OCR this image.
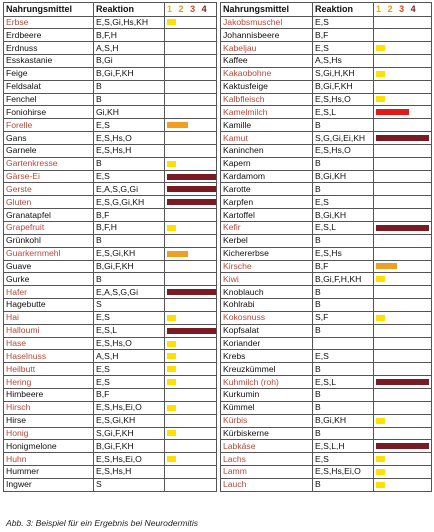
Nahrungsmittel	Reaktion	1 2 3 4		Nahrungsmittel	Reaktion	1 2 3 4
Erbse	E,S,Gi,Hs,KH			Jakobsmuschel	E,S	
Erdbeere	B,F,H			Johannisbeere	B,F	
Erdnuss	A,S,H			Kabeljau	E,S	

Esskastanie	B,Gi			Kaffee	A,S,Hs	
Feige	B,Gi,F,KH			Kakaobohne	S,Gi,H,KH	

Feldsalat	B			Kaktusfeige	B,Gi,F,KH	
Fenchel	B			Kalbfleisch	E,S,Hs,O	

Foniohirse	Gi,KH			Kamelmilch	E,S,L	

Forelle	E,S			Kamille	B	
Gans	E,S,Hs,O			Kamut	S,G,Gi,Ei,KH	

Garnele	E,S,Hs,H			Kaninchen	E,S,Hs,O	
Gartenkresse	B			Kapern	B	
Gärse-Ei	E,S			Kardamom	B,Gi,KH	
Gerste	E,A,S,G,Gi			Karotte	B	
Gluten	E,S,G,Gi,KH			Karpfen	E,S	
Granatapfel	B,F			Kartoffel	B,Gi,KH	
Grapefruit	B,F,H			Kefir	E,S,L	

Grünkohl	B			Kerbel	B	
Guarkernmehl	E,S,Gi,KH			Kichererbse	E,S,Hs	
Guave	B,Gi,F,KH			Kirsche	B,F	

Gurke	B			Kiwi	B,Gi,F,H,KH	

Hafer	E,A,S,G,Gi			Knoblauch	B	
Hagebutte	S			Kohlrabi	B	
Hai	E,S			Kokosnuss	S,F	

Halloumi	E,S,L			Kopfsalat	B	
Hase	E,S,Hs,O			Koriander		
Haselnuss	A,S,H			Krebs	E,S	
Heilbutt	E,S			Kreuzkümmel	B	
Hering	E,S			Kuhmilch (roh)	E,S,L	

Himbeere	B,F			Kurkumin	B	
Hirsch	E,S,Hs,Ei,O			Kümmel	B	
Hirse	E,S,Gi,KH			Kürbis	B,Gi,KH	

Honig	S,Gi,F,KH			Kürbiskerne	B	
Honigmelone	B,Gi,F,KH			Labkäse	E,S,L,H	

Huhn	E,S,Hs,Ei,O			Lachs	E,S	

Hummer	E,S,Hs,H			Lamm	E,S,Hs,Ei,O	

Ingwer	S			Lauch	B	
Abb. 3: Beispiel für ein Ergebnis bei Neurodermitis
